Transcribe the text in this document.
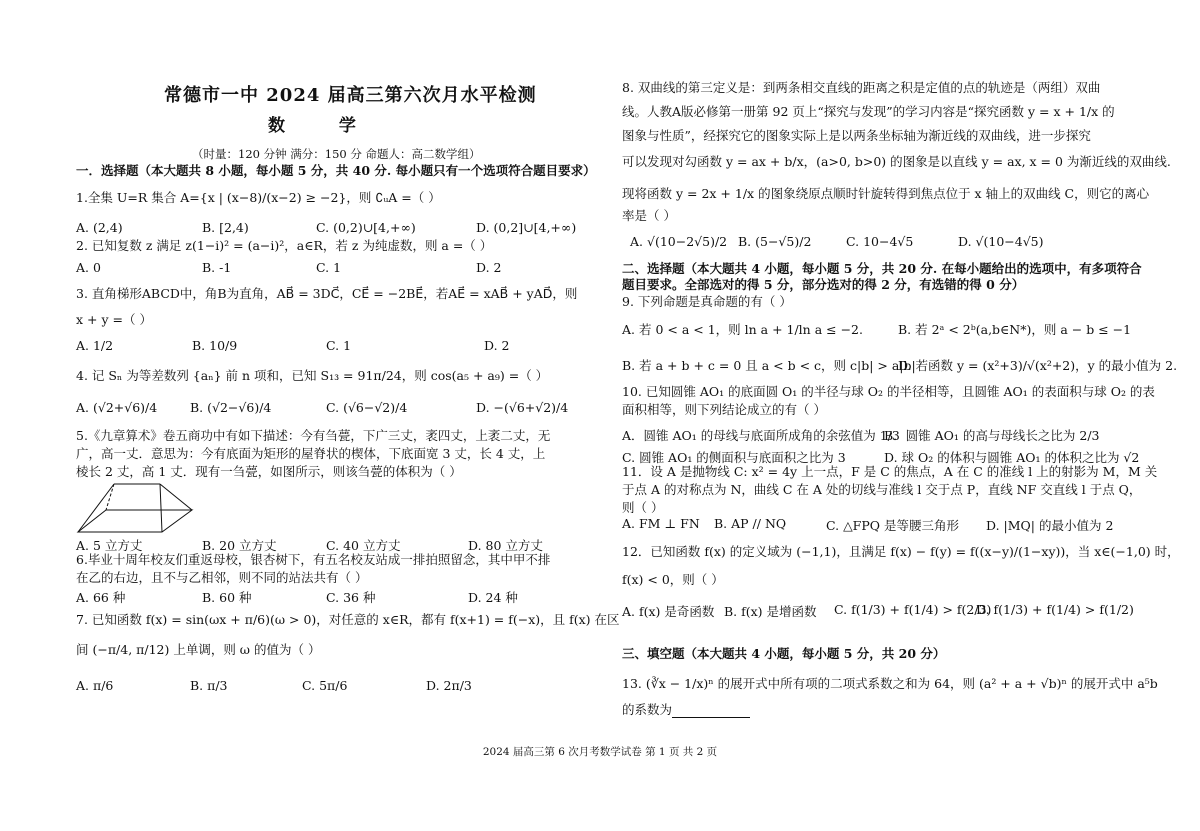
常德市一中 2024 届高三第六次月水平检测
数 学
（时量：120 分钟 满分：150 分 命题人：高二数学组）
一．选择题（本大题共 8 小题，每小题 5 分，共 40 分. 每小题只有一个选项符合题目要求）
1.全集 U=R 集合 A={x | (x−8)/(x−2) ≥ −2}，则 ∁ᵤA =（ ）
A. (2,4)	B. [2,4)	C. (0,2)∪[4,+∞)	D. (0,2]∪[4,+∞)
2. 已知复数 z 满足 z(1−i)² = (a−i)²，a∈R，若 z 为纯虚数，则 a =（ ）
A. 0	B. -1	C. 1	D. 2
3. 直角梯形ABCD中，角B为直角，AB⃗ = 3DC⃗，CE⃗ = −2BE⃗，若AE⃗ = xAB⃗ + yAD⃗，则
x + y =（ ）
A. 1/2	B. 10/9	C. 1	D. 2
4. 记 Sₙ 为等差数列 {aₙ} 前 n 项和，已知 S₁₃ = 91π/24，则 cos(a₅ + a₉) =（ ）
A. (√2+√6)/4	B. (√2−√6)/4	C. (√6−√2)/4	D. −(√6+√2)/4
5.《九章算术》卷五商功中有如下描述：今有刍甍，下广三丈，袤四丈，上袤二丈，无
广，高一丈．意思为：今有底面为矩形的屋脊状的楔体，下底面宽 3 丈，长 4 丈，上
棱长 2 丈，高 1 丈．现有一刍甍，如图所示，则该刍甍的体积为（ ）
A. 5 立方丈	B. 20 立方丈	C. 40 立方丈	D. 80 立方丈
6.毕业十周年校友们重返母校，银杏树下，有五名校友站成一排拍照留念，其中甲不排
在乙的右边，且不与乙相邻，则不同的站法共有（ ）
A. 66 种	B. 60 种	C. 36 种	D. 24 种
7. 已知函数 f(x) = sin(ωx + π/6)(ω > 0)，对任意的 x∈R，都有 f(x+1) = f(−x)，且 f(x) 在区
间 (−π/4, π/12) 上单调，则 ω 的值为（ ）
A. π/6	B. π/3	C. 5π/6	D. 2π/3
8. 双曲线的第三定义是：到两条相交直线的距离之积是定值的点的轨迹是（两组）双曲
线。人教A版必修第一册第 92 页上“探究与发现”的学习内容是“探究函数 y = x + 1/x 的
图象与性质”，经探究它的图象实际上是以两条坐标轴为渐近线的双曲线，进一步探究
可以发现对勾函数 y = ax + b/x，(a>0, b>0) 的图象是以直线 y = ax, x = 0 为渐近线的双曲线.
现将函数 y = 2x + 1/x 的图象绕原点顺时针旋转得到焦点位于 x 轴上的双曲线 C，则它的离心
率是（ ）
A. √(10−2√5)/2 B. (5−√5)/2	C. 10−4√5	D. √(10−4√5)
二、选择题（本大题共 4 小题，每小题 5 分，共 20 分. 在每小题给出的选项中，有多项符合
题目要求。全部选对的得 5 分，部分选对的得 2 分，有选错的得 0 分）
9. 下列命题是真命题的有（ ）
A. 若 0 < a < 1，则 ln a + 1/ln a ≤ −2.	B. 若 2ᵃ < 2ᵇ(a,b∈N*)，则 a − b ≤ −1
B. 若 a + b + c = 0 且 a < b < c，则 c|b| > a|b|
D. 若函数 y = (x²+3)/√(x²+2)，y 的最小值为 2.
10. 已知圆锥 AO₁ 的底面圆 O₁ 的半径与球 O₂ 的半径相等，且圆锥 AO₁ 的表面积与球 O₂ 的表
面积相等，则下列结论成立的有（ ）
A．圆锥 AO₁ 的母线与底面所成角的余弦值为 1/3
B．圆锥 AO₁ 的高与母线长之比为 2/3
C. 圆锥 AO₁ 的侧面积与底面积之比为 3	D. 球 O₂ 的体积与圆锥 AO₁ 的体积之比为 √2
11．设 A 是抛物线 C: x² = 4y 上一点，F 是 C 的焦点，A 在 C 的准线 l 上的射影为 M，M 关
于点 A 的对称点为 N，曲线 C 在 A 处的切线与准线 l 交于点 P，直线 NF 交直线 l 于点 Q，
则（ ）
A. FM ⊥ FN B. AP // NQ	C. △FPQ 是等腰三角形 D. |MQ| 的最小值为 2
12．已知函数 f(x) 的定义域为 (−1,1)，且满足 f(x) − f(y) = f((x−y)/(1−xy))，当 x∈(−1,0) 时，
f(x) < 0，则（ ）
A. f(x) 是奇函数 B. f(x) 是增函数 C. f(1/3) + f(1/4) > f(2/3)
D. f(1/3) + f(1/4) > f(1/2)
三、填空题（本大题共 4 小题，每小题 5 分，共 20 分）
13. (∛x − 1/x)ⁿ 的展开式中所有项的二项式系数之和为 64，则 (a² + a + √b)ⁿ 的展开式中 a⁵b
的系数为
2024 届高三第 6 次月考数学试卷 第 1 页 共 2 页
